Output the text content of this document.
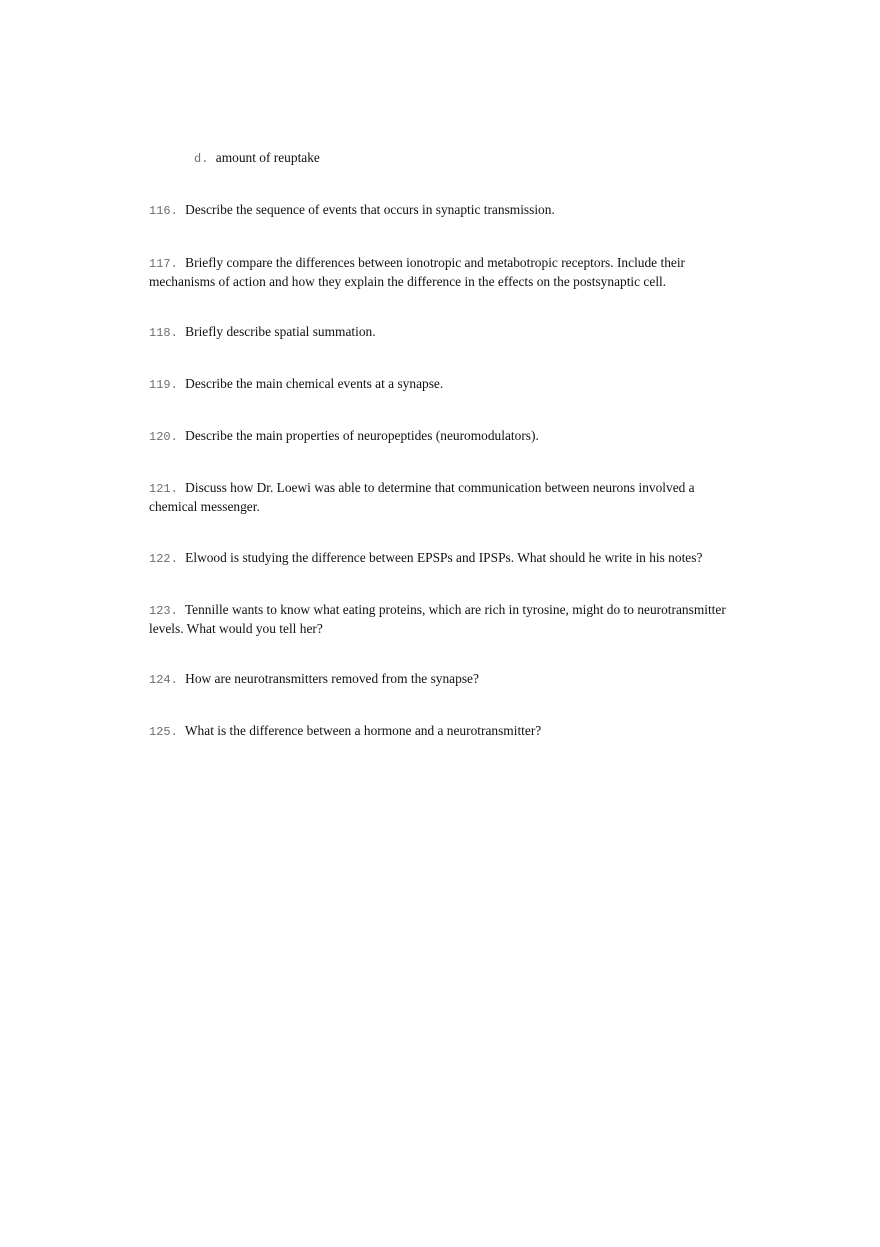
d. amount of reuptake
116. Describe the sequence of events that occurs in synaptic transmission.
117. Briefly compare the differences between ionotropic and metabotropic receptors. Include their mechanisms of action and how they explain the difference in the effects on the postsynaptic cell.
118. Briefly describe spatial summation.
119. Describe the main chemical events at a synapse.
120. Describe the main properties of neuropeptides (neuromodulators).
121. Discuss how Dr. Loewi was able to determine that communication between neurons involved a chemical messenger.
122. Elwood is studying the difference between EPSPs and IPSPs. What should he write in his notes?
123. Tennille wants to know what eating proteins, which are rich in tyrosine, might do to neurotransmitter levels. What would you tell her?
124. How are neurotransmitters removed from the synapse?
125. What is the difference between a hormone and a neurotransmitter?
